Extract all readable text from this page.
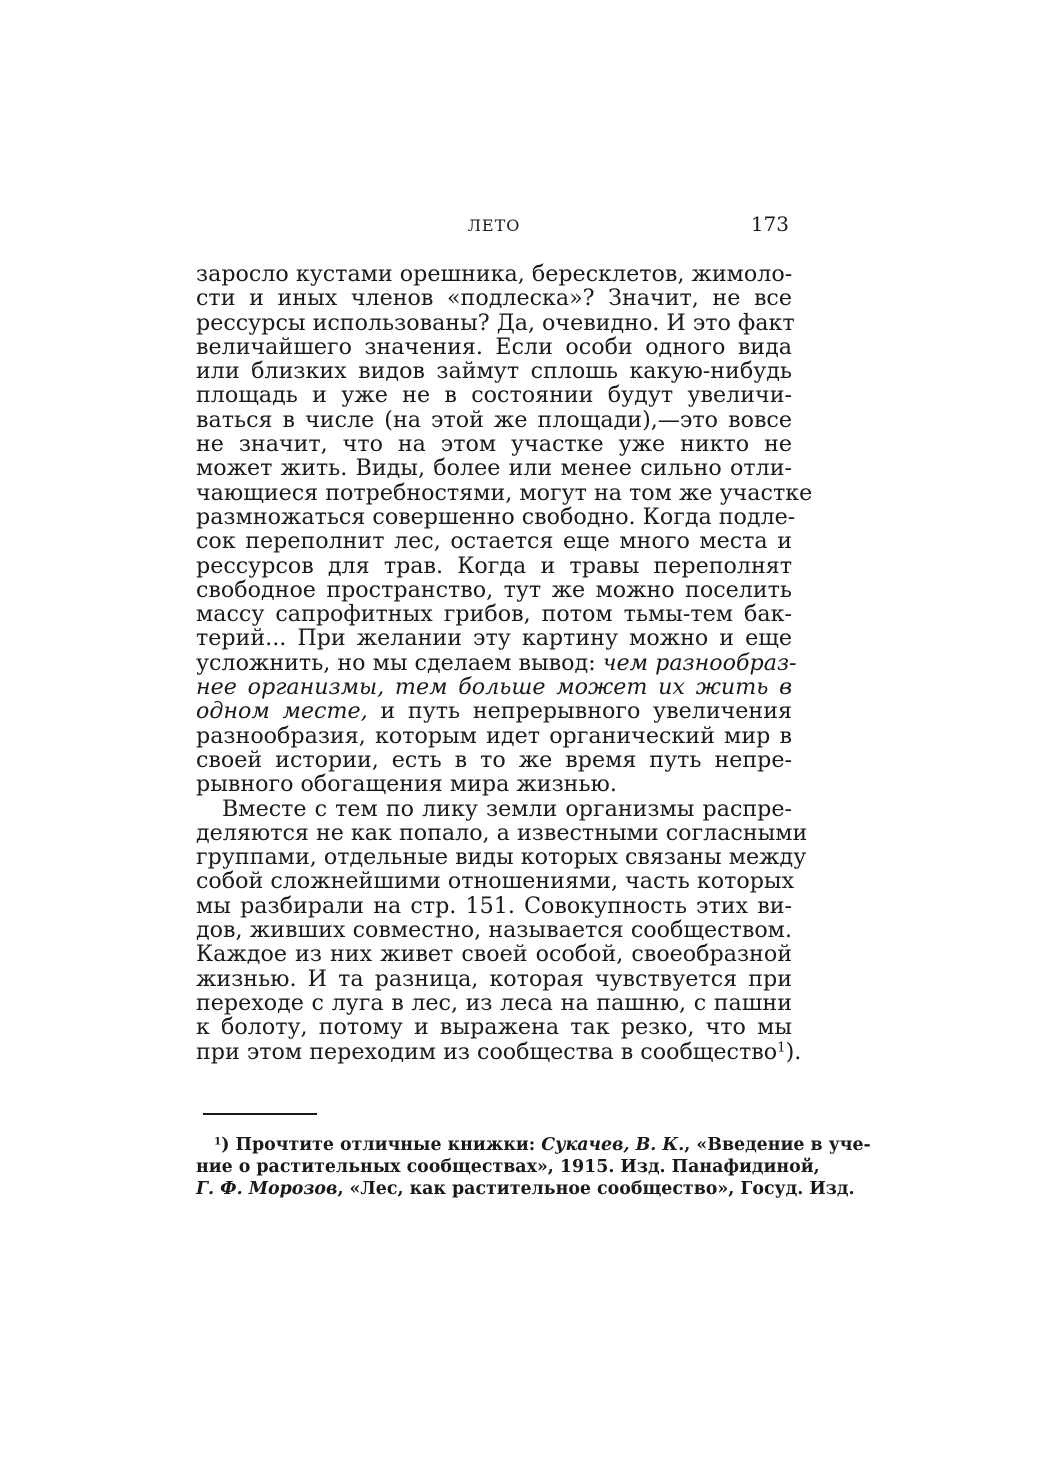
ЛЕТО	173
заросло кустами орешника, бересклетов, жимоло-
сти и иных членов «подлеска»? Значит, не все
рессурсы использованы? Да, очевидно. И это факт
величайшего значения. Если особи одного вида
или близких видов займут сплошь какую-нибудь
площадь и уже не в состоянии будут увеличи-
ваться в числе (на этой же площади),—это вовсе
не значит, что на этом участке уже никто не
может жить. Виды, более или менее сильно отли-
чающиеся потребностями, могут на том же участке
размножаться совершенно свободно. Когда подле-
сок переполнит лес, остается еще много места и
рессурсов для трав. Когда и травы переполнят
свободное пространство, тут же можно поселить
массу сапрофитных грибов, потом тьмы-тем бак-
терий... При желании эту картину можно и еще
усложнить, но мы сделаем вывод: чем разнообраз-
нее организмы, тем больше может их жить в
одном месте, и путь непрерывного увеличения
разнообразия, которым идет органический мир в
своей истории, есть в то же время путь непре-
рывного обогащения мира жизнью.
Вместе с тем по лику земли организмы распре-
деляются не как попало, а известными согласными
группами, отдельные виды которых связаны между
собой сложнейшими отношениями, часть которых
мы разбирали на стр. 151. Совокупность этих ви-
дов, живших совместно, называется сообществом.
Каждое из них живет своей особой, своеобразной
жизнью. И та разница, которая чувствуется при
переходе с луга в лес, из леса на пашню, с пашни
к болоту, потому и выражена так резко, что мы
при этом переходим из сообщества в сообщество$^1$).
$^1$) Прочтите отличные книжки: Сукачев, В. К., «Введение в уче-
ние о растительных сообществах», 1915. Изд. Панафидиной,
Г. Ф. Морозов, «Лес, как растительное сообщество», Госуд. Изд.
